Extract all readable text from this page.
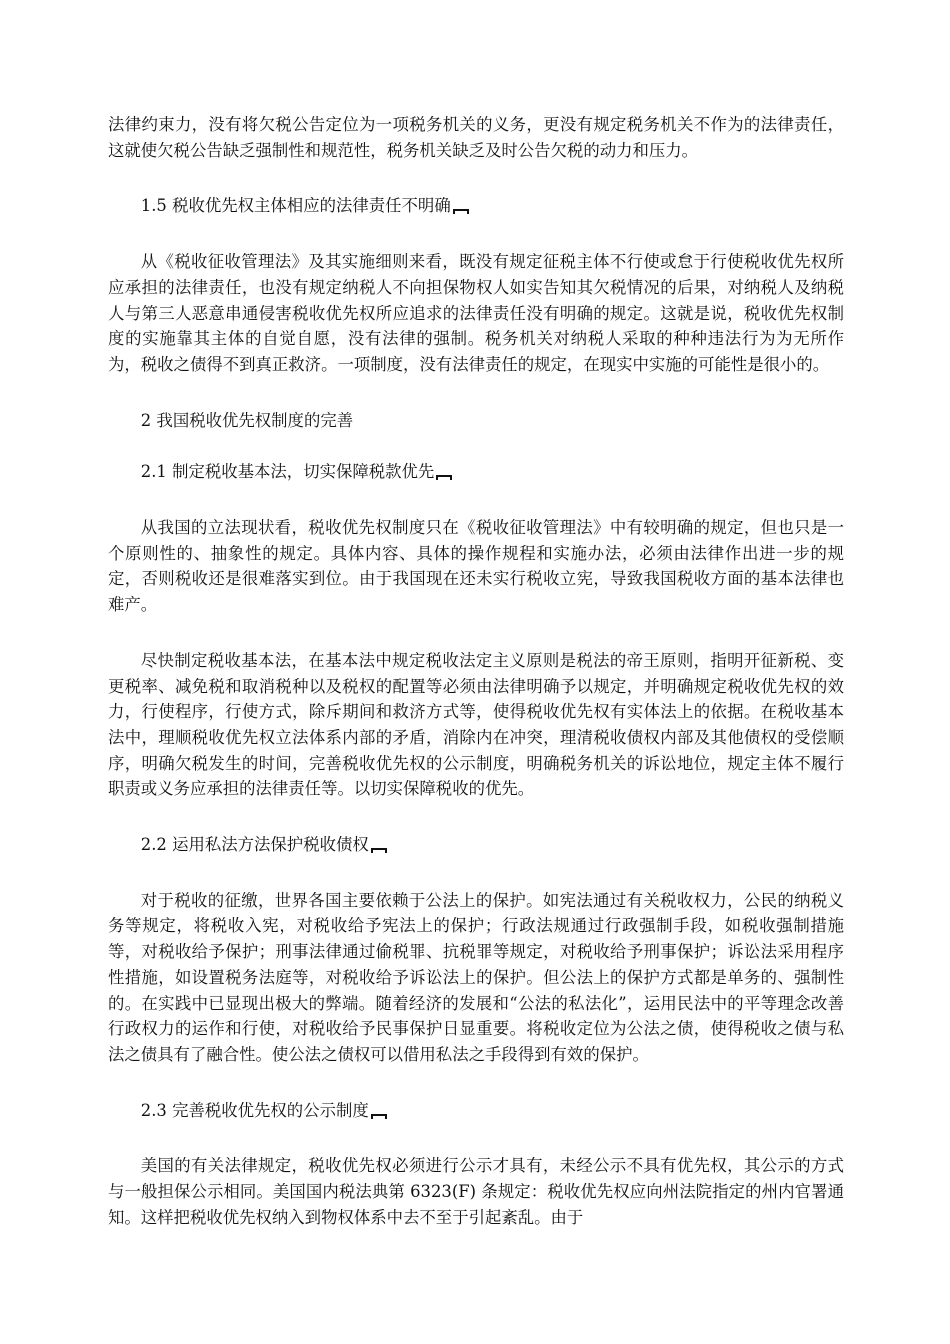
法律约束力，没有将欠税公告定位为一项税务机关的义务，更没有规定税务机关不作为的法律责任，这就使欠税公告缺乏强制性和规范性，税务机关缺乏及时公告欠税的动力和压力。

1.5 税收优先权主体相应的法律责任不明确

从《税收征收管理法》及其实施细则来看，既没有规定征税主体不行使或怠于行使税收优先权所应承担的法律责任，也没有规定纳税人不向担保物权人如实告知其欠税情况的后果，对纳税人及纳税人与第三人恶意串通侵害税收优先权所应追求的法律责任没有明确的规定。这就是说，税收优先权制度的实施靠其主体的自觉自愿，没有法律的强制。税务机关对纳税人采取的种种违法行为为无所作为，税收之债得不到真正救济。一项制度，没有法律责任的规定，在现实中实施的可能性是很小的。

2 我国税收优先权制度的完善

2.1 制定税收基本法，切实保障税款优先

从我国的立法现状看，税收优先权制度只在《税收征收管理法》中有较明确的规定，但也只是一个原则性的、抽象性的规定。具体内容、具体的操作规程和实施办法，必须由法律作出进一步的规定，否则税收还是很难落实到位。由于我国现在还未实行税收立宪，导致我国税收方面的基本法律也难产。

尽快制定税收基本法，在基本法中规定税收法定主义原则是税法的帝王原则，指明开征新税、变更税率、减免税和取消税种以及税权的配置等必须由法律明确予以规定，并明确规定税收优先权的效力，行使程序，行使方式，除斥期间和救济方式等，使得税收优先权有实体法上的依据。在税收基本法中，理顺税收优先权立法体系内部的矛盾，消除内在冲突，理清税收债权内部及其他债权的受偿顺序，明确欠税发生的时间，完善税收优先权的公示制度，明确税务机关的诉讼地位，规定主体不履行职责或义务应承担的法律责任等。以切实保障税收的优先。

2.2 运用私法方法保护税收债权

对于税收的征缴，世界各国主要依赖于公法上的保护。如宪法通过有关税收权力，公民的纳税义务等规定，将税收入宪，对税收给予宪法上的保护；行政法规通过行政强制手段，如税收强制措施等，对税收给予保护；刑事法律通过偷税罪、抗税罪等规定，对税收给予刑事保护；诉讼法采用程序性措施，如设置税务法庭等，对税收给予诉讼法上的保护。但公法上的保护方式都是单务的、强制性的。在实践中已显现出极大的弊端。随着经济的发展和“公法的私法化”，运用民法中的平等理念改善行政权力的运作和行使，对税收给予民事保护日显重要。将税收定位为公法之债，使得税收之债与私法之债具有了融合性。使公法之债权可以借用私法之手段得到有效的保护。

2.3 完善税收优先权的公示制度

美国的有关法律规定，税收优先权必须进行公示才具有，未经公示不具有优先权，其公示的方式与一般担保公示相同。美国国内税法典第 6323(F) 条规定：税收优先权应向州法院指定的州内官署通知。这样把税收优先权纳入到物权体系中去不至于引起紊乱。由于
